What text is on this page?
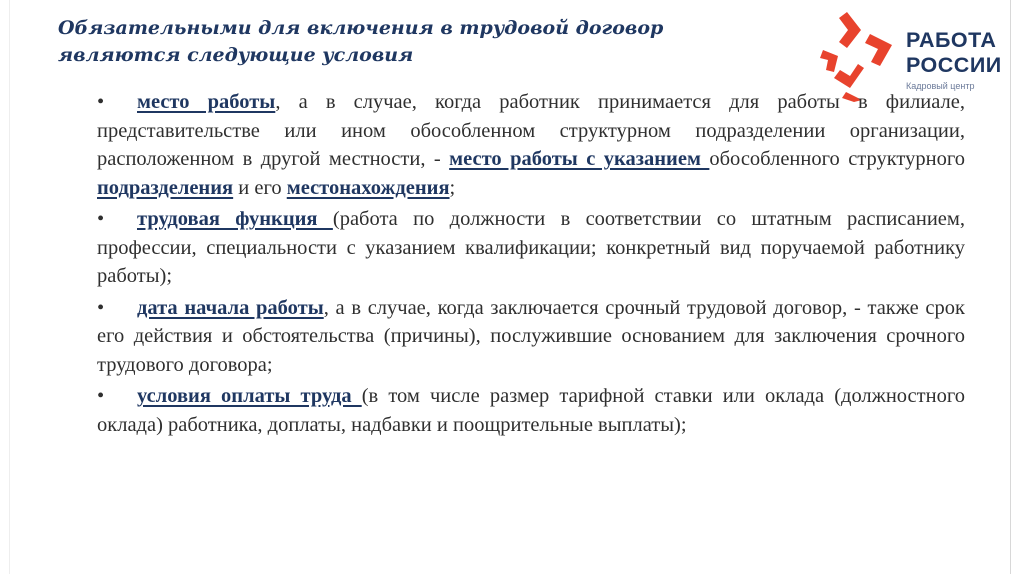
Обязательными для включения в трудовой договор
являются следующие условия
РАБОТА
РОССИИ
Кадровый центр
• место работы, а в случае, когда работник принимается для работы в филиале, представительстве или ином обособленном структурном подразделении организации, расположенном в другой местности, - место работы с указанием обособленного структурного подразделения и его местонахождения;
• трудовая функция (работа по должности в соответствии со штатным расписанием, профессии, специальности с указанием квалификации; конкретный вид поручаемой работнику работы);
• дата начала работы, а в случае, когда заключается срочный трудовой договор, - также срок его действия и обстоятельства (причины), послужившие основанием для заключения срочного трудового договора;
• условия оплаты труда (в том числе размер тарифной ставки или оклада (должностного оклада) работника, доплаты, надбавки и поощрительные выплаты);
